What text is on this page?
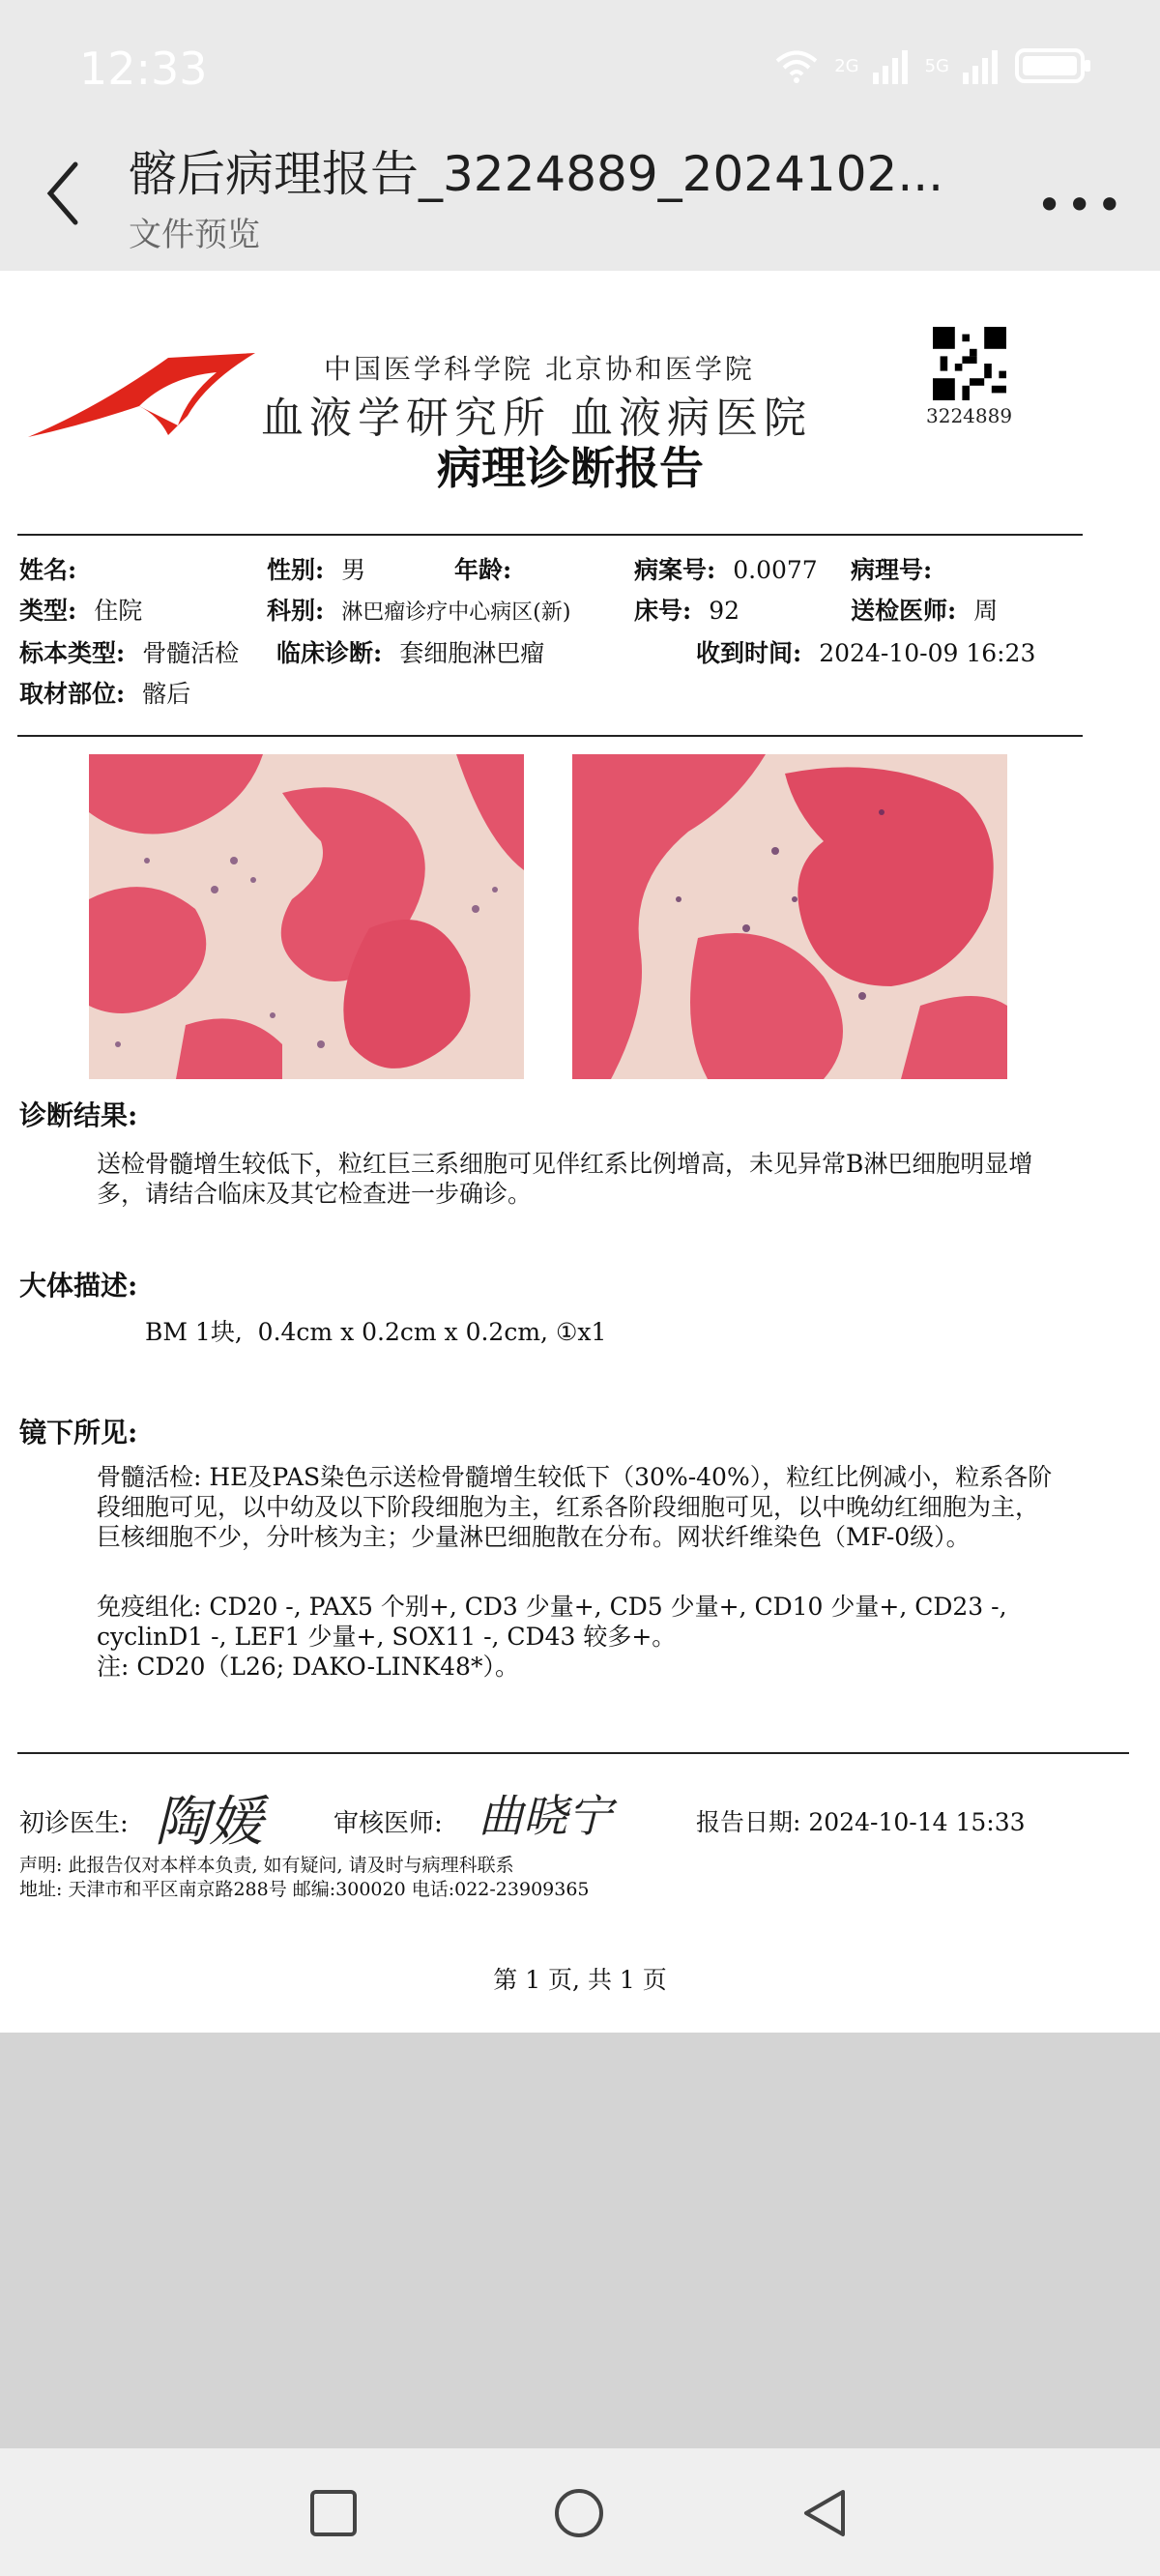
12:33	2G	5G
髂后病理报告_3224889_2024102...
文件预览
•••
中国医学科学院 北京协和医学院
血液学研究所 血液病医院
病理诊断报告
3224889
姓名:	性别: 男	年龄:	病案号: 0.0077 病理号:
类型: 住院	科别: 淋巴瘤诊疗中心病区(新)	床号: 92	送检医师: 周
标本类型: 骨髓活检 临床诊断: 套细胞淋巴瘤	收到时间: 2024-10-09 16:23
取材部位: 髂后
诊断结果:
送检骨髓增生较低下，粒红巨三系细胞可见伴红系比例增高，未见异常B淋巴细胞明显增多，请结合临床及其它检查进一步确诊。
大体描述:
BM 1块,  0.4cm x 0.2cm x 0.2cm, ①x1
镜下所见:
骨髓活检: HE及PAS染色示送检骨髓增生较低下（30%-40%），粒红比例减小，粒系各阶段细胞可见，以中幼及以下阶段细胞为主，红系各阶段细胞可见，以中晚幼红细胞为主，巨核细胞不少，分叶核为主；少量淋巴细胞散在分布。网状纤维染色（MF-0级）。
免疫组化: CD20 -, PAX5 个别+, CD3 少量+, CD5 少量+, CD10 少量+, CD23 -, cyclinD1 -, LEF1 少量+, SOX11 -, CD43 较多+。
注: CD20（L26; DAKO-LINK48*）。
初诊医生: 陶媛	审核医师: 曲晓宁	报告日期: 2024-10-14 15:33
声明: 此报告仅对本样本负责, 如有疑问, 请及时与病理科联系
地址: 天津市和平区南京路288号 邮编:300020 电话:022-23909365
第 1 页, 共 1 页
